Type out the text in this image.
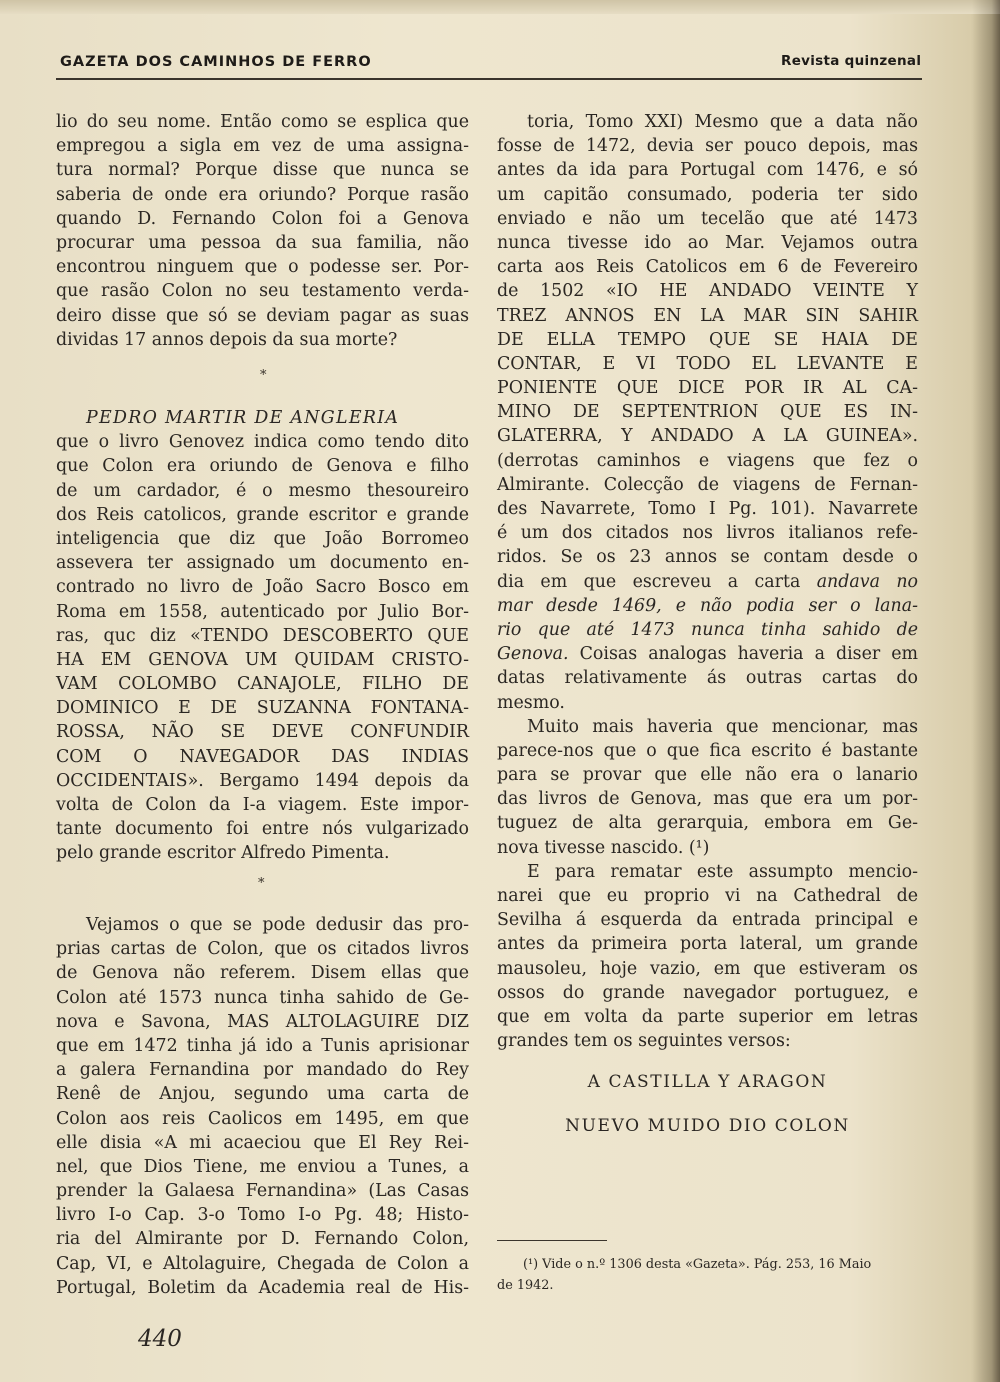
GAZETA DOS CAMINHOS DE FERRO	Revista quinzenal
lio do seu nome. Então como se esplica que
empregou a sigla em vez de uma assigna-
tura normal? Porque disse que nunca se
saberia de onde era oriundo? Porque rasão
quando D. Fernando Colon foi a Genova
procurar uma pessoa da sua familia, não
encontrou ninguem que o podesse ser. Por-
que rasão Colon no seu testamento verda-
deiro disse que só se deviam pagar as suas
dividas 17 annos depois da sua morte?
*
PEDRO MARTIR DE ANGLERIA
que o livro Genovez indica como tendo dito
que Colon era oriundo de Genova e filho
de um cardador, é o mesmo thesoureiro
dos Reis catolicos, grande escritor e grande
inteligencia que diz que João Borromeo
assevera ter assignado um documento en-
contrado no livro de João Sacro Bosco em
Roma em 1558, autenticado por Julio Bor-
ras, quc diz «TENDO DESCOBERTO QUE
HA EM GENOVA UM QUIDAM CRISTO-
VAM COLOMBO CANAJOLE, FILHO DE
DOMINICO E DE SUZANNA FONTANA-
ROSSA, NÃO SE DEVE CONFUNDIR
COM O NAVEGADOR DAS INDIAS
OCCIDENTAIS». Bergamo 1494 depois da
volta de Colon da I-a viagem. Este impor-
tante documento foi entre nós vulgarizado
pelo grande escritor Alfredo Pimenta.
*
Vejamos o que se pode dedusir das pro-
prias cartas de Colon, que os citados livros
de Genova não referem. Disem ellas que
Colon até 1573 nunca tinha sahido de Ge-
nova e Savona, MAS ALTOLAGUIRE DIZ
que em 1472 tinha já ido a Tunis aprisionar
a galera Fernandina por mandado do Rey
Renê de Anjou, segundo uma carta de
Colon aos reis Caolicos em 1495, em que
elle disia «A mi acaeciou que El Rey Rei-
nel, que Dios Tiene, me enviou a Tunes, a
prender la Galaesa Fernandina» (Las Casas
livro I-o Cap. 3-o Tomo I-o Pg. 48; Histo-
ria del Almirante por D. Fernando Colon,
Cap, VI, e Altolaguire, Chegada de Colon a
Portugal, Boletim da Academia real de His-
toria, Tomo XXI) Mesmo que a data não
fosse de 1472, devia ser pouco depois, mas
antes da ida para Portugal com 1476, e só
um capitão consumado, poderia ter sido
enviado e não um tecelão que até 1473
nunca tivesse ido ao Mar. Vejamos outra
carta aos Reis Catolicos em 6 de Fevereiro
de 1502 «IO HE ANDADO VEINTE Y
TREZ ANNOS EN LA MAR SIN SAHIR
DE ELLA TEMPO QUE SE HAIA DE
CONTAR, E VI TODO EL LEVANTE E
PONIENTE QUE DICE POR IR AL CA-
MINO DE SEPTENTRION QUE ES IN-
GLATERRA, Y ANDADO A LA GUINEA».
(derrotas caminhos e viagens que fez o
Almirante. Colecção de viagens de Fernan-
des Navarrete, Tomo I Pg. 101). Navarrete
é um dos citados nos livros italianos refe-
ridos. Se os 23 annos se contam desde o
dia em que escreveu a carta andava no
mar desde 1469, e não podia ser o lana-
rio que até 1473 nunca tinha sahido de
Genova. Coisas analogas haveria a diser em
datas relativamente ás outras cartas do
mesmo.
Muito mais haveria que mencionar, mas
parece-nos que o que fica escrito é bastante
para se provar que elle não era o lanario
das livros de Genova, mas que era um por-
tuguez de alta gerarquia, embora em Ge-
nova tivesse nascido. (¹)
E para rematar este assumpto mencio-
narei que eu proprio vi na Cathedral de
Sevilha á esquerda da entrada principal e
antes da primeira porta lateral, um grande
mausoleu, hoje vazio, em que estiveram os
ossos do grande navegador portuguez, e
que em volta da parte superior em letras
grandes tem os seguintes versos:
A CASTILLA Y ARAGON
NUEVO MUIDO DIO COLON
(¹) Vide o n.º 1306 desta «Gazeta». Pág. 253, 16 Maio
de 1942.
440
